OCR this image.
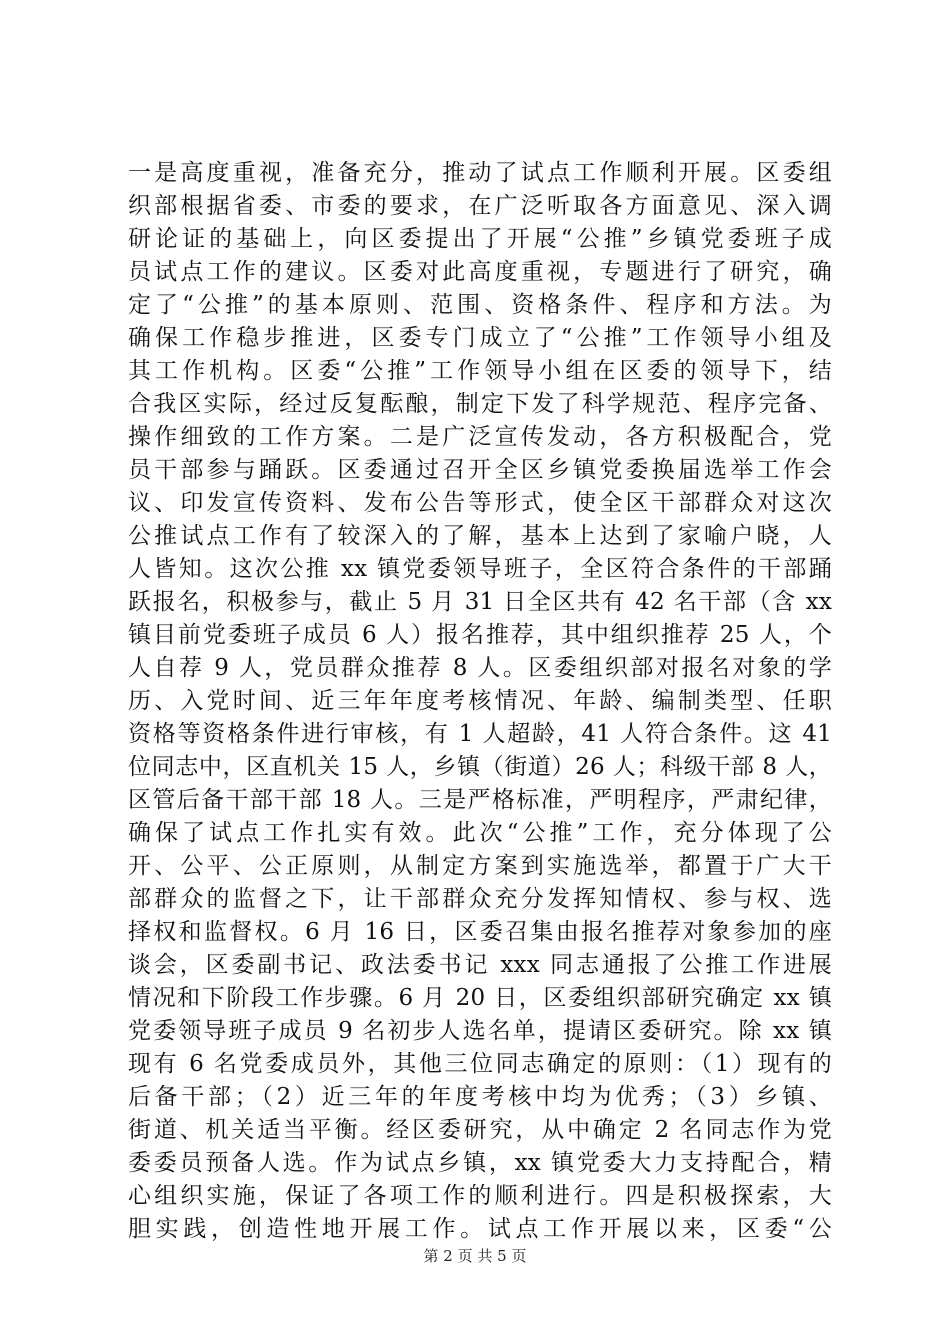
一是高度重视，准备充分，推动了试点工作顺利开展。区委组
织部根据省委、市委的要求，在广泛听取各方面意见、深入调
研论证的基础上，向区委提出了开展“公推”乡镇党委班子成
员试点工作的建议。区委对此高度重视，专题进行了研究，确
定了“公推”的基本原则、范围、资格条件、程序和方法。为
确保工作稳步推进，区委专门成立了“公推”工作领导小组及
其工作机构。区委“公推”工作领导小组在区委的领导下，结
合我区实际，经过反复酝酿，制定下发了科学规范、程序完备、
操作细致的工作方案。二是广泛宣传发动，各方积极配合，党
员干部参与踊跃。区委通过召开全区乡镇党委换届选举工作会
议、印发宣传资料、发布公告等形式，使全区干部群众对这次
公推试点工作有了较深入的了解，基本上达到了家喻户晓，人
人皆知。这次公推 xx 镇党委领导班子，全区符合条件的干部踊
跃报名，积极参与，截止 5 月 31 日全区共有 42 名干部（含 xx
镇目前党委班子成员 6 人）报名推荐，其中组织推荐 25 人，个
人自荐 9 人，党员群众推荐 8 人。区委组织部对报名对象的学
历、入党时间、近三年年度考核情况、年龄、编制类型、任职
资格等资格条件进行审核，有 1 人超龄，41 人符合条件。这 41
位同志中，区直机关 15 人，乡镇（街道）26 人；科级干部 8 人，
区管后备干部干部 18 人。三是严格标准，严明程序，严肃纪律，
确保了试点工作扎实有效。此次“公推”工作，充分体现了公
开、公平、公正原则，从制定方案到实施选举，都置于广大干
部群众的监督之下，让干部群众充分发挥知情权、参与权、选
择权和监督权。6 月 16 日，区委召集由报名推荐对象参加的座
谈会，区委副书记、政法委书记 xxx 同志通报了公推工作进展
情况和下阶段工作步骤。6 月 20 日，区委组织部研究确定 xx 镇
党委领导班子成员 9 名初步人选名单，提请区委研究。除 xx 镇
现有 6 名党委成员外，其他三位同志确定的原则：（1）现有的
后备干部；（2）近三年的年度考核中均为优秀；（3）乡镇、
街道、机关适当平衡。经区委研究，从中确定 2 名同志作为党
委委员预备人选。作为试点乡镇，xx 镇党委大力支持配合，精
心组织实施，保证了各项工作的顺利进行。四是积极探索，大
胆实践，创造性地开展工作。试点工作开展以来，区委“公
第 2 页 共 5 页
